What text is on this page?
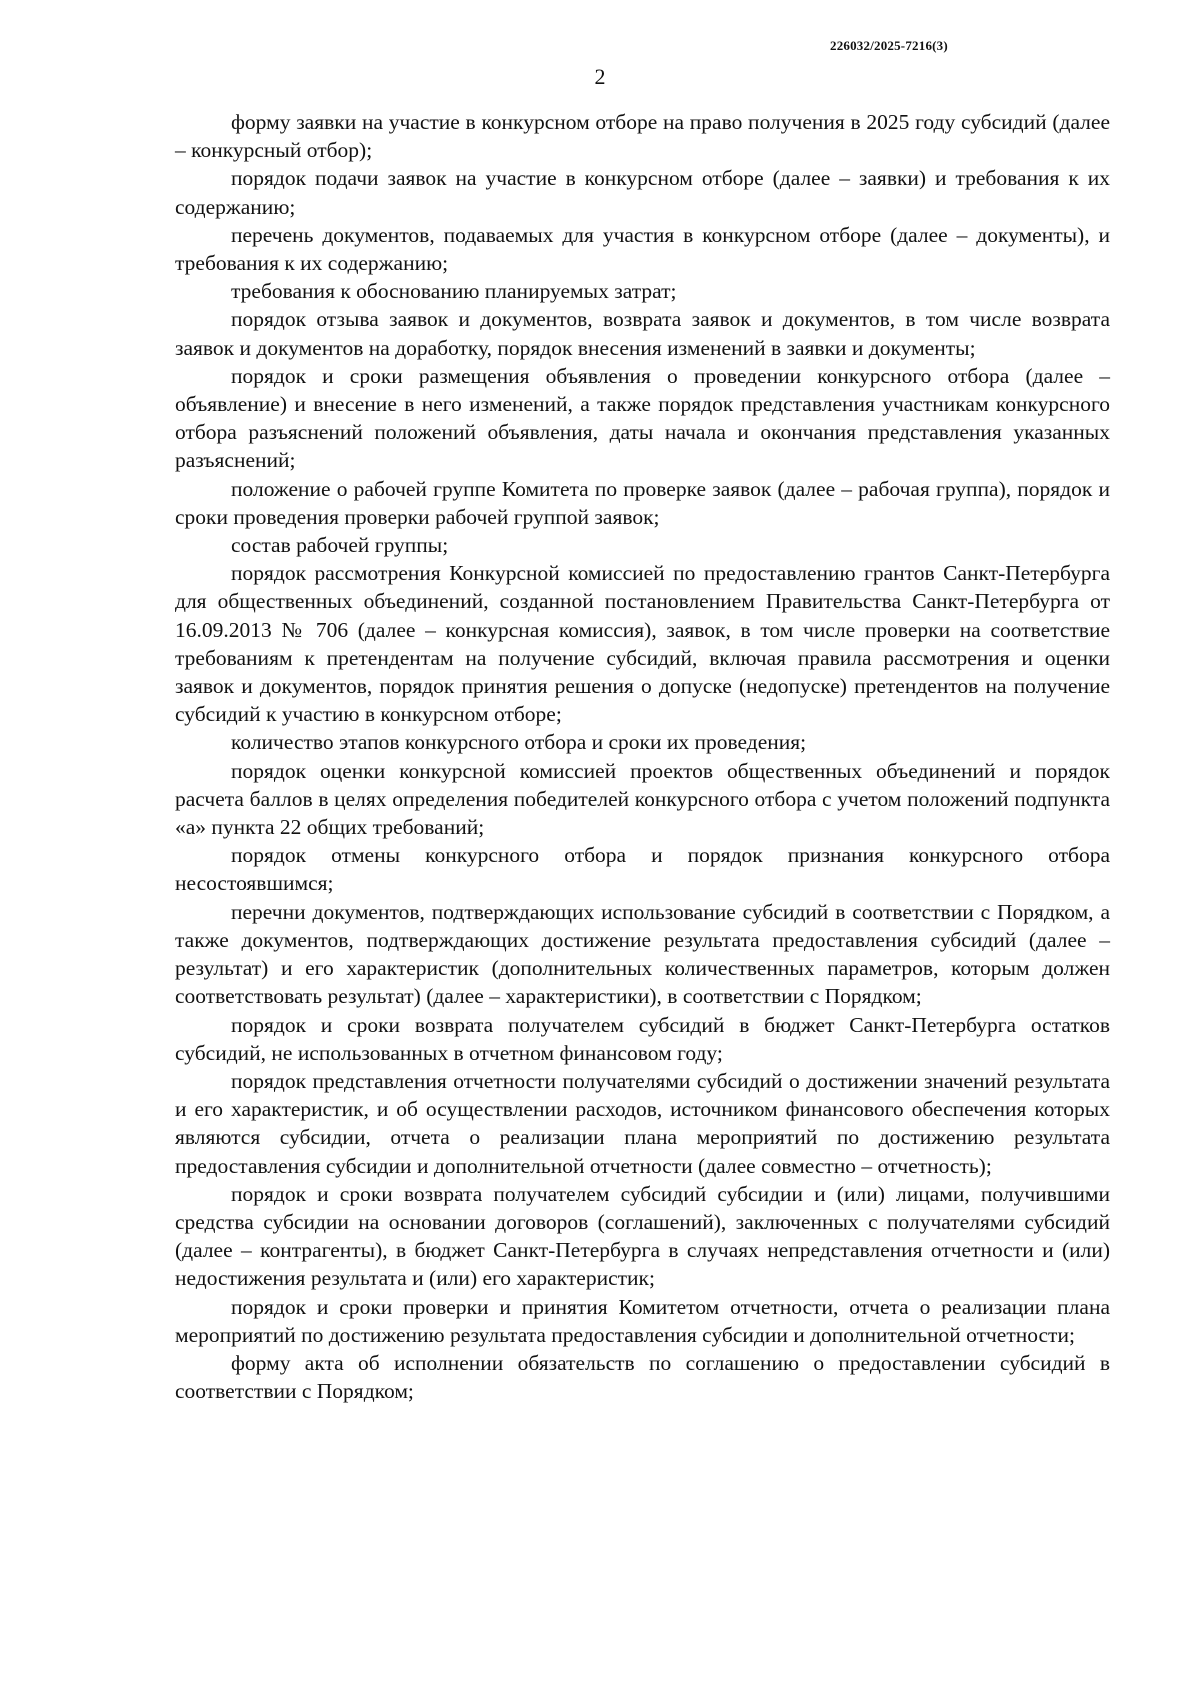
226032/2025-7216(3)
2

форму заявки на участие в конкурсном отборе на право получения в 2025 году субсидий (далее – конкурсный отбор);

порядок подачи заявок на участие в конкурсном отборе (далее – заявки) и требования к их содержанию;

перечень документов, подаваемых для участия в конкурсном отборе (далее – документы), и требования к их содержанию;

требования к обоснованию планируемых затрат;

порядок отзыва заявок и документов, возврата заявок и документов, в том числе возврата заявок и документов на доработку, порядок внесения изменений в заявки и документы;

порядок и сроки размещения объявления о проведении конкурсного отбора (далее – объявление) и внесение в него изменений, а также порядок представления участникам конкурсного отбора разъяснений положений объявления, даты начала и окончания представления указанных разъяснений;

положение о рабочей группе Комитета по проверке заявок (далее – рабочая группа), порядок и сроки проведения проверки рабочей группой заявок;

состав рабочей группы;

порядок рассмотрения Конкурсной комиссией по предоставлению грантов Санкт-Петербурга для общественных объединений, созданной постановлением Правительства Санкт-Петербурга от 16.09.2013 № 706 (далее – конкурсная комиссия), заявок, в том числе проверки на соответствие требованиям к претендентам на получение субсидий, включая правила рассмотрения и оценки заявок и документов, порядок принятия решения о допуске (недопуске) претендентов на получение субсидий к участию в конкурсном отборе;

количество этапов конкурсного отбора и сроки их проведения;

порядок оценки конкурсной комиссией проектов общественных объединений и порядок расчета баллов в целях определения победителей конкурсного отбора с учетом положений подпункта «а» пункта 22 общих требований;

порядок отмены конкурсного отбора и порядок признания конкурсного отбора несостоявшимся;

перечни документов, подтверждающих использование субсидий в соответствии с Порядком, а также документов, подтверждающих достижение результата предоставления субсидий (далее – результат) и его характеристик (дополнительных количественных параметров, которым должен соответствовать результат) (далее – характеристики), в соответствии с Порядком;

порядок и сроки возврата получателем субсидий в бюджет Санкт-Петербурга остатков субсидий, не использованных в отчетном финансовом году;

порядок представления отчетности получателями субсидий о достижении значений результата и его характеристик, и об осуществлении расходов, источником финансового обеспечения которых являются субсидии, отчета о реализации плана мероприятий по достижению результата предоставления субсидии и дополнительной отчетности (далее совместно – отчетность);

порядок и сроки возврата получателем субсидий субсидии и (или) лицами, получившими средства субсидии на основании договоров (соглашений), заключенных с получателями субсидий (далее – контрагенты), в бюджет Санкт-Петербурга в случаях непредставления отчетности и (или) недостижения результата и (или) его характеристик;

порядок и сроки проверки и принятия Комитетом отчетности, отчета о реализации плана мероприятий по достижению результата предоставления субсидии и дополнительной отчетности;

форму акта об исполнении обязательств по соглашению о предоставлении субсидий в соответствии с Порядком;
